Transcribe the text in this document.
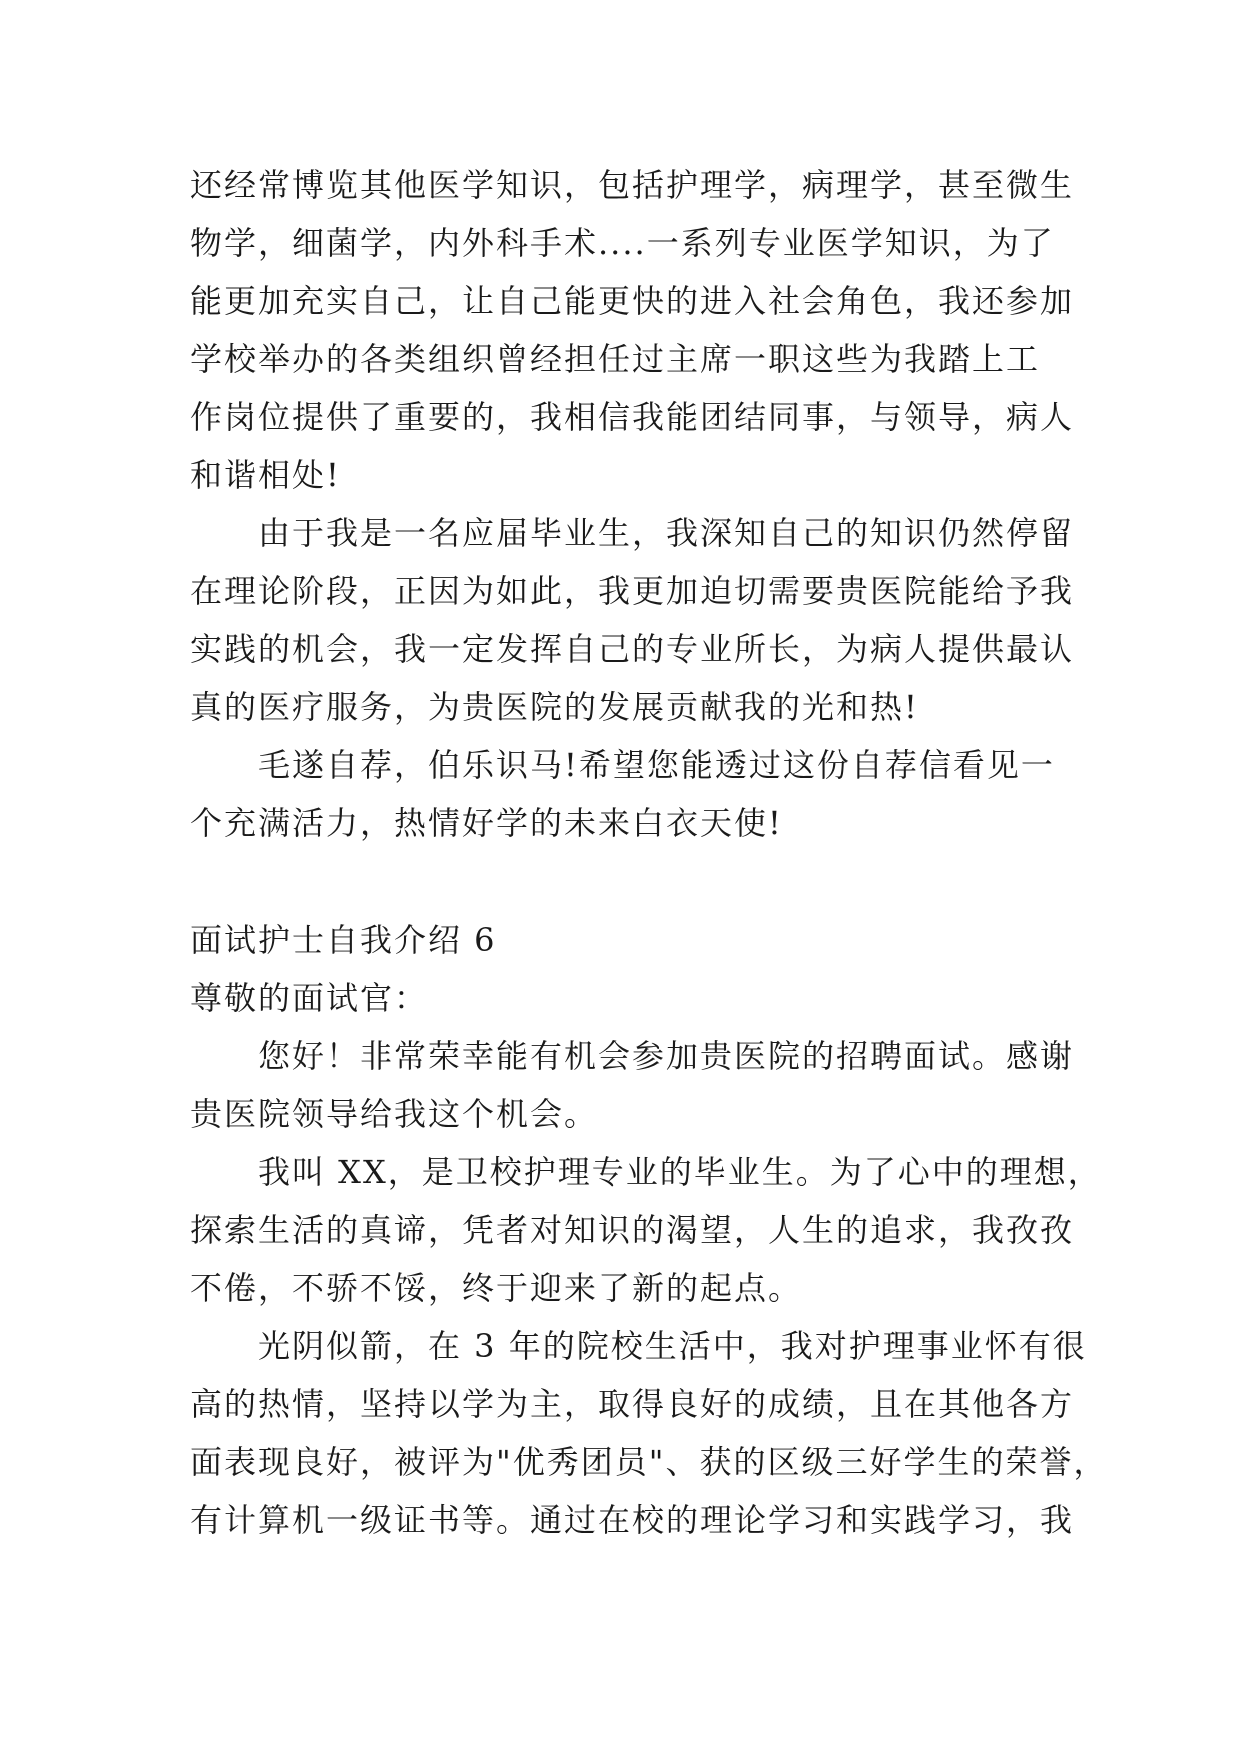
还经常博览其他医学知识，包括护理学，病理学，甚至微生
物学，细菌学，内外科手术....一系列专业医学知识，为了
能更加充实自己，让自己能更快的进入社会角色，我还参加
学校举办的各类组织曾经担任过主席一职这些为我踏上工
作岗位提供了重要的，我相信我能团结同事，与领导，病人
和谐相处!
由于我是一名应届毕业生，我深知自己的知识仍然停留
在理论阶段，正因为如此，我更加迫切需要贵医院能给予我
实践的机会，我一定发挥自己的专业所长，为病人提供最认
真的医疗服务，为贵医院的发展贡献我的光和热!
毛遂自荐，伯乐识马!希望您能透过这份自荐信看见一
个充满活力，热情好学的未来白衣天使!
面试护士自我介绍 6
尊敬的面试官：
您好！非常荣幸能有机会参加贵医院的招聘面试。感谢
贵医院领导给我这个机会。
我叫 XX，是卫校护理专业的毕业生。为了心中的理想，
探索生活的真谛，凭者对知识的渴望，人生的追求，我孜孜
不倦，不骄不馁，终于迎来了新的起点。
光阴似箭，在 3 年的院校生活中，我对护理事业怀有很
高的热情，坚持以学为主，取得良好的成绩，且在其他各方
面表现良好，被评为"优秀团员"、获的区级三好学生的荣誉，
有计算机一级证书等。通过在校的理论学习和实践学习，我
